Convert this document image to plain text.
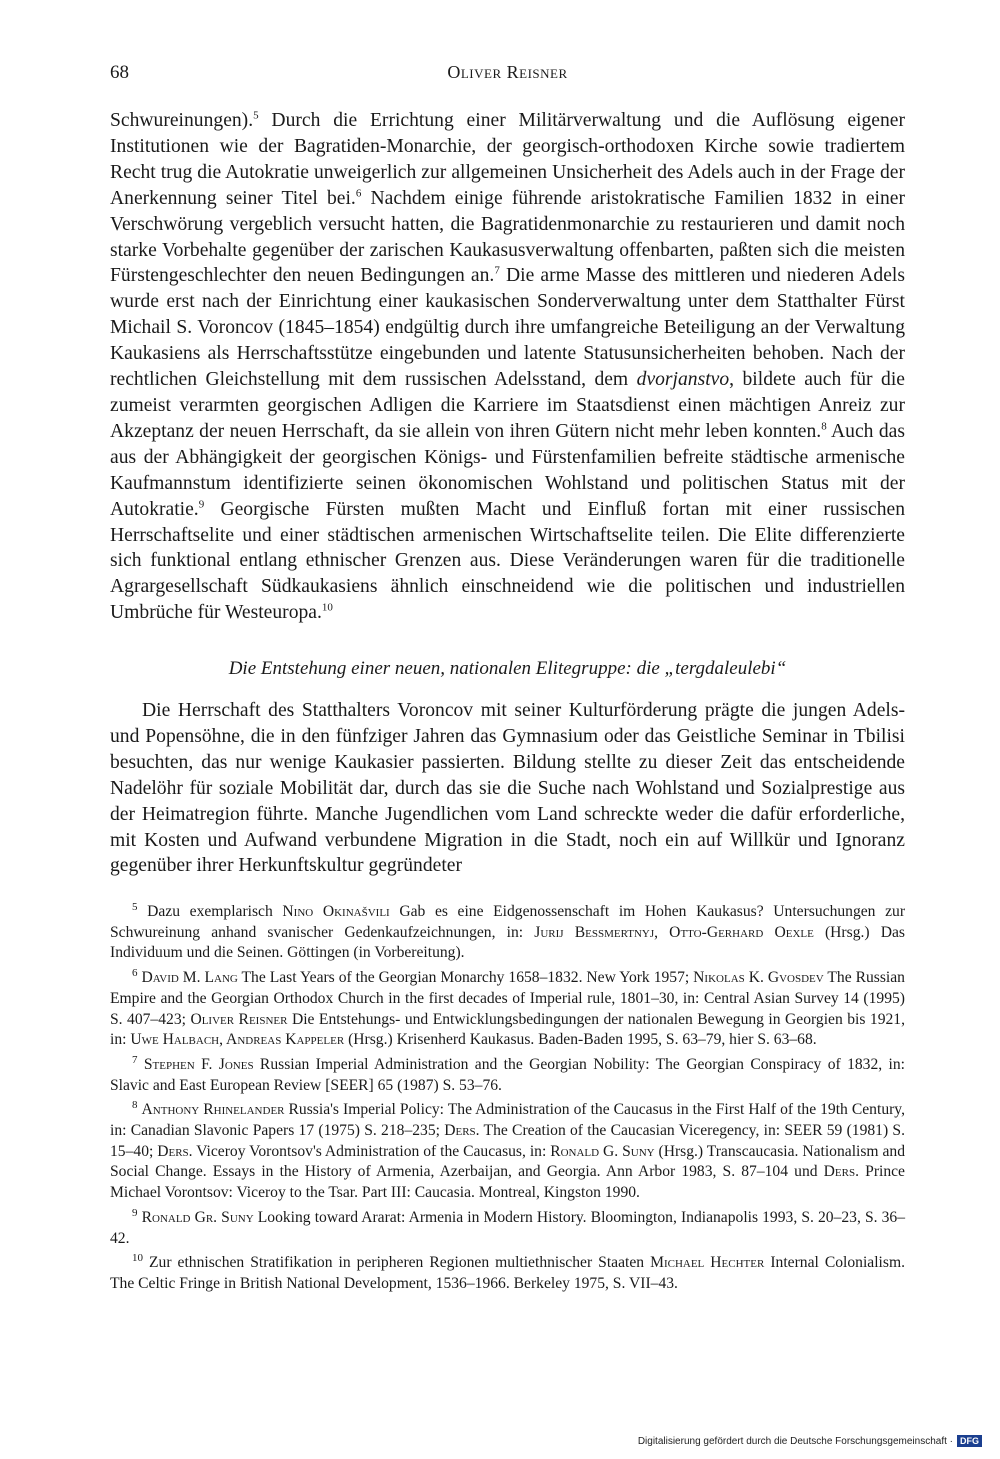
68	Oliver Reisner

Schwureinungen).$^5$ Durch die Errichtung einer Militärverwaltung und die Auflösung eigener Institutionen wie der Bagratiden-Monarchie, der georgisch-orthodoxen Kirche sowie tradiertem Recht trug die Autokratie unweigerlich zur allgemeinen Unsicherheit des Adels auch in der Frage der Anerkennung seiner Titel bei.$^6$ Nachdem einige führende aristokratische Familien 1832 in einer Verschwörung vergeblich versucht hatten, die Bagratidenmonarchie zu restaurieren und damit noch starke Vorbehalte gegenüber der zarischen Kaukasusverwaltung offenbarten, paßten sich die meisten Fürstengeschlechter den neuen Bedingungen an.$^7$ Die arme Masse des mittleren und niederen Adels wurde erst nach der Einrichtung einer kaukasischen Sonderverwaltung unter dem Statthalter Fürst Michail S. Voroncov (1845–1854) endgültig durch ihre umfangreiche Beteiligung an der Verwaltung Kaukasiens als Herrschaftsstütze eingebunden und latente Statusunsicherheiten behoben. Nach der rechtlichen Gleichstellung mit dem russischen Adelsstand, dem dvorjanstvo, bildete auch für die zumeist verarmten georgischen Adligen die Karriere im Staatsdienst einen mächtigen Anreiz zur Akzeptanz der neuen Herrschaft, da sie allein von ihren Gütern nicht mehr leben konnten.$^8$ Auch das aus der Abhängigkeit der georgischen Königs- und Fürstenfamilien befreite städtische armenische Kaufmannstum identifizierte seinen ökonomischen Wohlstand und politischen Status mit der Autokratie.$^9$ Georgische Fürsten mußten Macht und Einfluß fortan mit einer russischen Herrschaftselite und einer städtischen armenischen Wirtschaftselite teilen. Die Elite differenzierte sich funktional entlang ethnischer Grenzen aus. Diese Veränderungen waren für die traditionelle Agrargesellschaft Südkaukasiens ähnlich einschneidend wie die politischen und industriellen Umbrüche für Westeuropa.$^{10}$

Die Entstehung einer neuen, nationalen Elitegruppe: die „tergdaleulebi“

Die Herrschaft des Statthalters Voroncov mit seiner Kulturförderung prägte die jungen Adels- und Popensöhne, die in den fünfziger Jahren das Gymnasium oder das Geistliche Seminar in Tbilisi besuchten, das nur wenige Kaukasier passierten. Bildung stellte zu dieser Zeit das entscheidende Nadelöhr für soziale Mobilität dar, durch das sie die Suche nach Wohlstand und Sozialprestige aus der Heimatregion führte. Manche Jugendlichen vom Land schreckte weder die dafür erforderliche, mit Kosten und Aufwand verbundene Migration in die Stadt, noch ein auf Willkür und Ignoranz gegenüber ihrer Herkunftskultur gegründeter

$^5$ Dazu exemplarisch Nino Okinašvili Gab es eine Eidgenossenschaft im Hohen Kaukasus? Untersuchungen zur Schwureinung anhand svanischer Gedenkaufzeichnungen, in: Jurij Bessmertnyj, Otto-Gerhard Oexle (Hrsg.) Das Individuum und die Seinen. Göttingen (in Vorbereitung).

$^6$ David M. Lang The Last Years of the Georgian Monarchy 1658–1832. New York 1957; Nikolas K. Gvosdev The Russian Empire and the Georgian Orthodox Church in the first decades of Imperial rule, 1801–30, in: Central Asian Survey 14 (1995) S. 407–423; Oliver Reisner Die Entstehungs- und Entwicklungsbedingungen der nationalen Bewegung in Georgien bis 1921, in: Uwe Halbach, Andreas Kappeler (Hrsg.) Krisenherd Kaukasus. Baden-Baden 1995, S. 63–79, hier S. 63–68.

$^7$ Stephen F. Jones Russian Imperial Administration and the Georgian Nobility: The Georgian Conspiracy of 1832, in: Slavic and East European Review [SEER] 65 (1987) S. 53–76.

$^8$ Anthony Rhinelander Russia's Imperial Policy: The Administration of the Caucasus in the First Half of the 19th Century, in: Canadian Slavonic Papers 17 (1975) S. 218–235; Ders. The Creation of the Caucasian Viceregency, in: SEER 59 (1981) S. 15–40; Ders. Viceroy Vorontsov's Administration of the Caucasus, in: Ronald G. Suny (Hrsg.) Transcaucasia. Nationalism and Social Change. Essays in the History of Armenia, Azerbaijan, and Georgia. Ann Arbor 1983, S. 87–104 und Ders. Prince Michael Vorontsov: Viceroy to the Tsar. Part III: Caucasia. Montreal, Kingston 1990.

$^9$ Ronald Gr. Suny Looking toward Ararat: Armenia in Modern History. Bloomington, Indianapolis 1993, S. 20–23, S. 36–42.

$^{10}$ Zur ethnischen Stratifikation in peripheren Regionen multiethnischer Staaten Michael Hechter Internal Colonialism. The Celtic Fringe in British National Development, 1536–1966. Berkeley 1975, S. VII–43.

Digitalisierung gefördert durch die Deutsche Forschungsgemeinschaft · DFG
